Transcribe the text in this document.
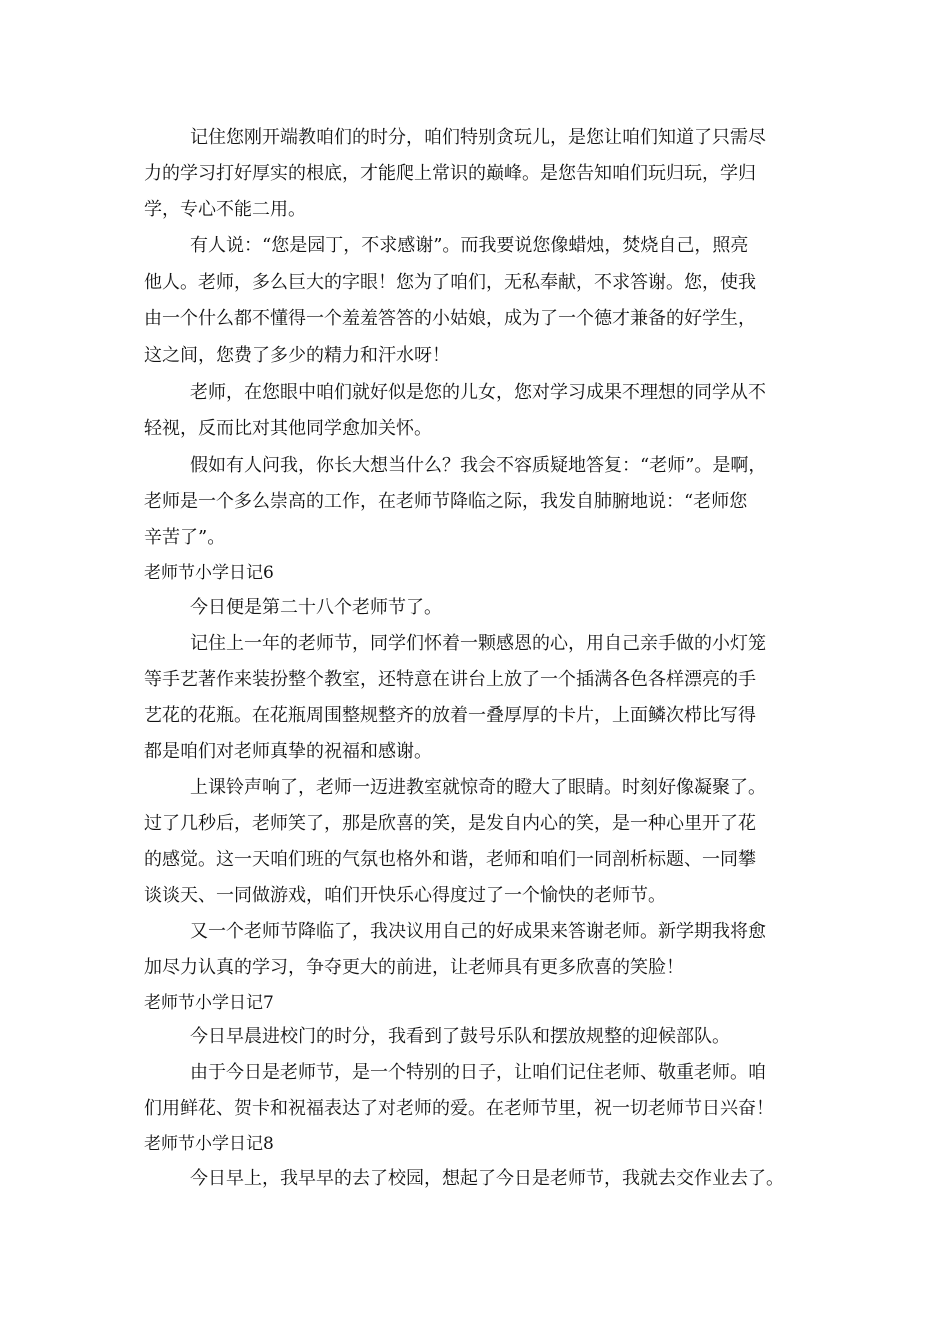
记住您刚开端教咱们的时分，咱们特别贪玩儿，是您让咱们知道了只需尽
力的学习打好厚实的根底，才能爬上常识的巅峰。是您告知咱们玩归玩，学归
学，专心不能二用。
有人说：“您是园丁，不求感谢”。而我要说您像蜡烛，焚烧自己，照亮
他人。老师，多么巨大的字眼！您为了咱们，无私奉献，不求答谢。您，使我
由一个什么都不懂得一个羞羞答答的小姑娘，成为了一个德才兼备的好学生，
这之间，您费了多少的精力和汗水呀！
老师，在您眼中咱们就好似是您的儿女，您对学习成果不理想的同学从不
轻视，反而比对其他同学愈加关怀。
假如有人问我，你长大想当什么？我会不容质疑地答复：“老师”。是啊，
老师是一个多么崇高的工作，在老师节降临之际，我发自肺腑地说：“老师您
辛苦了”。
老师节小学日记6
今日便是第二十八个老师节了。
记住上一年的老师节，同学们怀着一颗感恩的心，用自己亲手做的小灯笼
等手艺著作来装扮整个教室，还特意在讲台上放了一个插满各色各样漂亮的手
艺花的花瓶。在花瓶周围整规整齐的放着一叠厚厚的卡片，上面鳞次栉比写得
都是咱们对老师真挚的祝福和感谢。
上课铃声响了，老师一迈进教室就惊奇的瞪大了眼睛。时刻好像凝聚了。
过了几秒后，老师笑了，那是欣喜的笑，是发自内心的笑，是一种心里开了花
的感觉。这一天咱们班的气氛也格外和谐，老师和咱们一同剖析标题、一同攀
谈谈天、一同做游戏，咱们开快乐心得度过了一个愉快的老师节。
又一个老师节降临了，我决议用自己的好成果来答谢老师。新学期我将愈
加尽力认真的学习，争夺更大的前进，让老师具有更多欣喜的笑脸！
老师节小学日记7
今日早晨进校门的时分，我看到了鼓号乐队和摆放规整的迎候部队。
由于今日是老师节，是一个特别的日子，让咱们记住老师、敬重老师。咱
们用鲜花、贺卡和祝福表达了对老师的爱。在老师节里，祝一切老师节日兴奋！
老师节小学日记8
今日早上，我早早的去了校园，想起了今日是老师节，我就去交作业去了。
